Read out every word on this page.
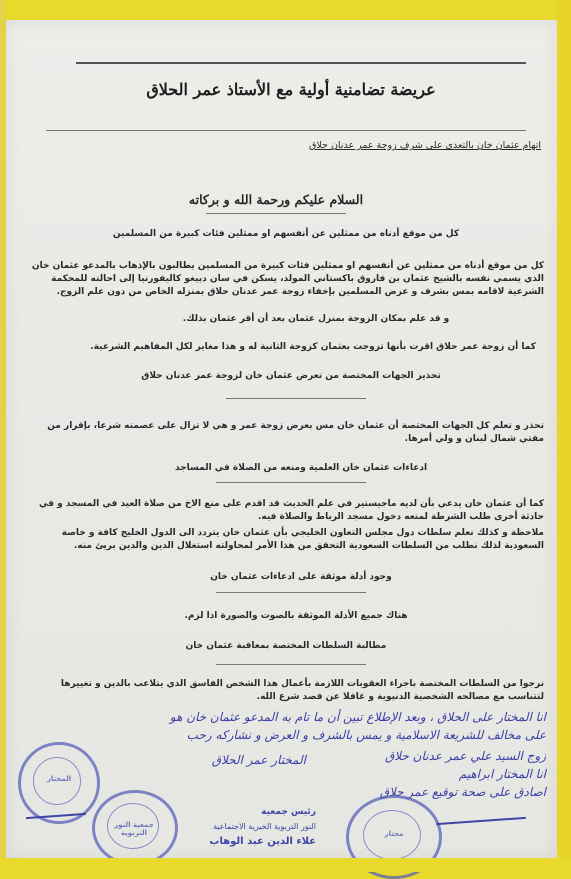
عريضة تضامنية أولية مع الأستاذ عمر الحلاق
اتهام عثمان خان بالتعدي على شرف زوجة عمر عدنان حلاق
السلام عليكم ورحمة الله و بركاته
كل من موقع أدناه من ممثلين عن أنفسهم او ممثلين فئات كبيرة من المسلمين
كل من موقع أدناه من ممثلين عن أنفسهم او ممثلين فئات كبيرة من المسلمين يطالبون بالإذهاب بالمدعو عثمان خان الذي يسمي نفسه بالشيخ عثمان بن فاروق باكستاني المولد، يسكن في سان دييغو كاليفورنيا إلى احالته للمحكمة الشرعية لاقامه بمس بشرف و عرض المسلمين بإخفاء زوجة عمر عدنان حلاق بمنزله الخاص من دون علم الزوج.
و قد علم بمكان الزوجة بمنزل عثمان بعد أن أقر عثمان بذلك.
كما أن زوجة عمر حلاق اقرت بأنها تزوجت بعثمان كزوجة الثانية له و هذا مغاير لكل المفاهيم الشرعية.
تحذير الجهات المختصة من تعرض عثمان خان لزوجة عمر عدنان حلاق
تحذر و تعلم كل الجهات المختصة أن عثمان خان مس بعرض زوجة عمر و هي لا تزال على عصمته شرعا، بإقرار من مفتي شمال لبنان و ولي أمرها.
ادعاءات عثمان خان العلمية ومنعه من الصلاة في المساجد
كما أن عثمان خان يدعي بأن لديه ماجيستير في علم الحديث قد اقدم على منع الاخ من صلاة العيد في المسجد و في حادثة أخرى طلب الشرطة لمنعه دخول مسجد الرباط والصلاة فيه.
ملاحظة و كذلك نعلم سلطات دول مجلس التعاون الخليجي بأن عثمان خان يتردد الى الدول الخليج كافة و خاصة السعودية لذلك نطلب من السلطات السعودية التحقق من هذا الأمر لمحاولته استغلال الدين والدين بريئ منه.
وجود أدلة موثقة على ادعاءات عثمان خان
هناك جميع الأدلة الموثقة بالصوت والصورة اذا لزم.
مطالبة السلطات المختصة بمعاقبة عثمان خان
نرجوا من السلطات المختصة باجراء العقوبات اللازمة بأعمال هذا الشخص الفاسق الذي يتلاعب بالدين و تغييرها لتتناسب مع مصالحه الشخصية الدنيوية و غافلا عن قصد شرع الله.
انا المختار على الحلاق ، وبعد الإطلاع تبين أن ما تام به المدعو عثمان خان هو
على مخالف للشريعة الاسلامية و يمس بالشرف و العرض و نشاركه رحب
زوج السيد علي عمر عدنان حلاق
انا المختار ابراهيم
اصادق على صحة توقيع عمر حلاق
المختار عمر الحلاق
رئيس جمعية
النور التربوية الخيرية الاجتماعية
علاء الدين عبد الوهاب
المختار
جمعية النور التربوية	مختار
